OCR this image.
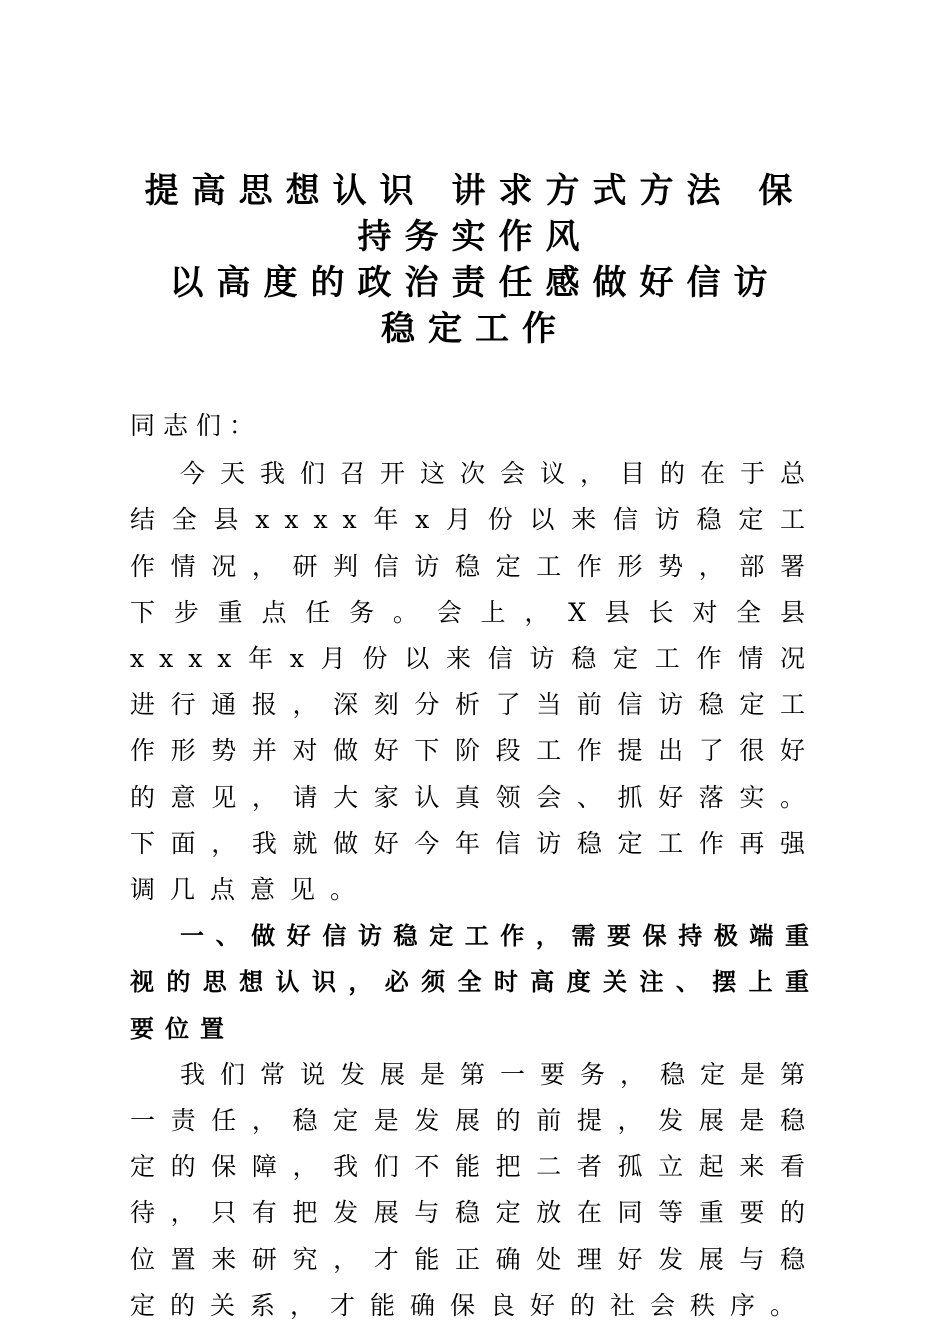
提高思想认识 讲求方式方法 保
持务实作风
以高度的政治责任感做好信访
稳定工作
同志们：

今天我们召开这次会议，目的在于总结全县xxxx年x月份以来信访稳定工作情况，研判信访稳定工作形势，部署下步重点任务。会上，X县长对全县xxxx年x月份以来信访稳定工作情况进行通报，深刻分析了当前信访稳定工作形势并对做好下阶段工作提出了很好的意见，请大家认真领会、抓好落实。下面，我就做好今年信访稳定工作再强调几点意见。

一、做好信访稳定工作，需要保持极端重视的思想认识，必须全时高度关注、摆上重要位置

我们常说发展是第一要务，稳定是第一责任，稳定是发展的前提，发展是稳定的保障，我们不能把二者孤立起来看待，只有把发展与稳定放在同等重要的位置来研究，才能正确处理好发展与稳定的关系，才能确保良好的社会秩序。
